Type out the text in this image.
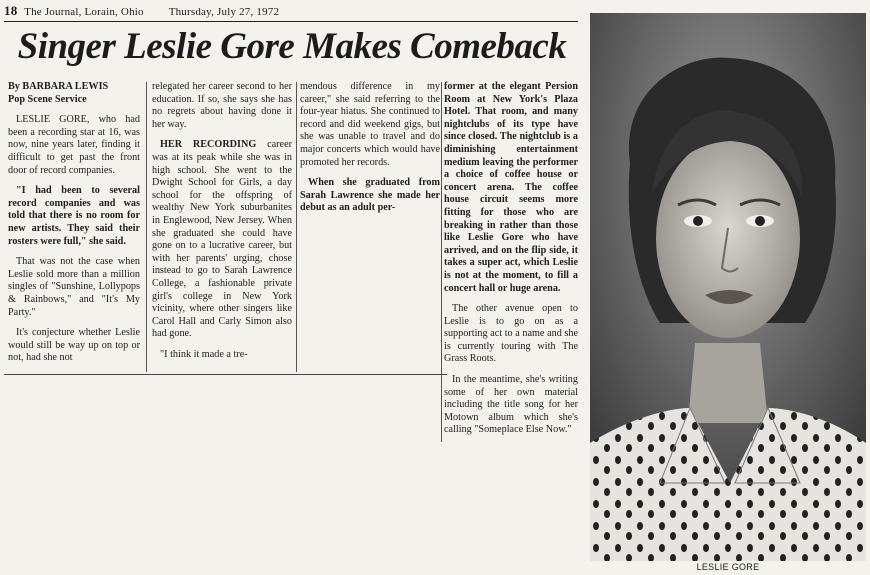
18 The Journal, Lorain, Ohio Thursday, July 27, 1972
Singer Leslie Gore Makes Comeback
By BARBARA LEWIS
Pop Scene Service

LESLIE GORE, who had been a recording star at 16, was now, nine years later, finding it difficult to get past the front door of record companies.

"I had been to several record companies and was told that there is no room for new artists. They said their rosters were full," she said.

That was not the case when Leslie sold more than a million singles of "Sunshine, Lollypops & Rainbows," and "It's My Party."

It's conjecture whether Leslie would still be way up on top or not, had she not

relegated her career second to her education. If so, she says she has no regrets about having done it her way.

HER RECORDING career was at its peak while she was in high school. She went to the Dwight School for Girls, a day school for the offspring of wealthy New York suburbanites in Englewood, New Jersey. When she graduated she could have gone on to a lucrative career, but with her parents' urging, chose instead to go to Sarah Lawrence College, a fashionable private girl's college in New York vicinity, where other singers like Carol Hall and Carly Simon also had gone.

"I think it made a tre-

mendous difference in my career," she said referring to the four-year hiatus. She continued to record and did weekend gigs, but she was unable to travel and do major concerts which would have promoted her records.

When she graduated from Sarah Lawrence she made her debut as an adult per-

former at the elegant Persion Room at New York's Plaza Hotel. That room, and many nightclubs of its type have since closed. The nightclub is a diminishing entertainment medium leaving the performer a choice of coffee house or concert arena. The coffee house circuit seems more fitting for those who are breaking in rather than those like Leslie Gore who have arrived, and on the flip side, it takes a super act, which Leslie is not at the moment, to fill a concert hall or huge arena.

The other avenue open to Leslie is to go on as a supporting act to a name and she is currently touring with The Grass Roots.

In the meantime, she's writing some of her own material including the title song for her Motown album which she's calling "Someplace Else Now."

LESLIE GORE
